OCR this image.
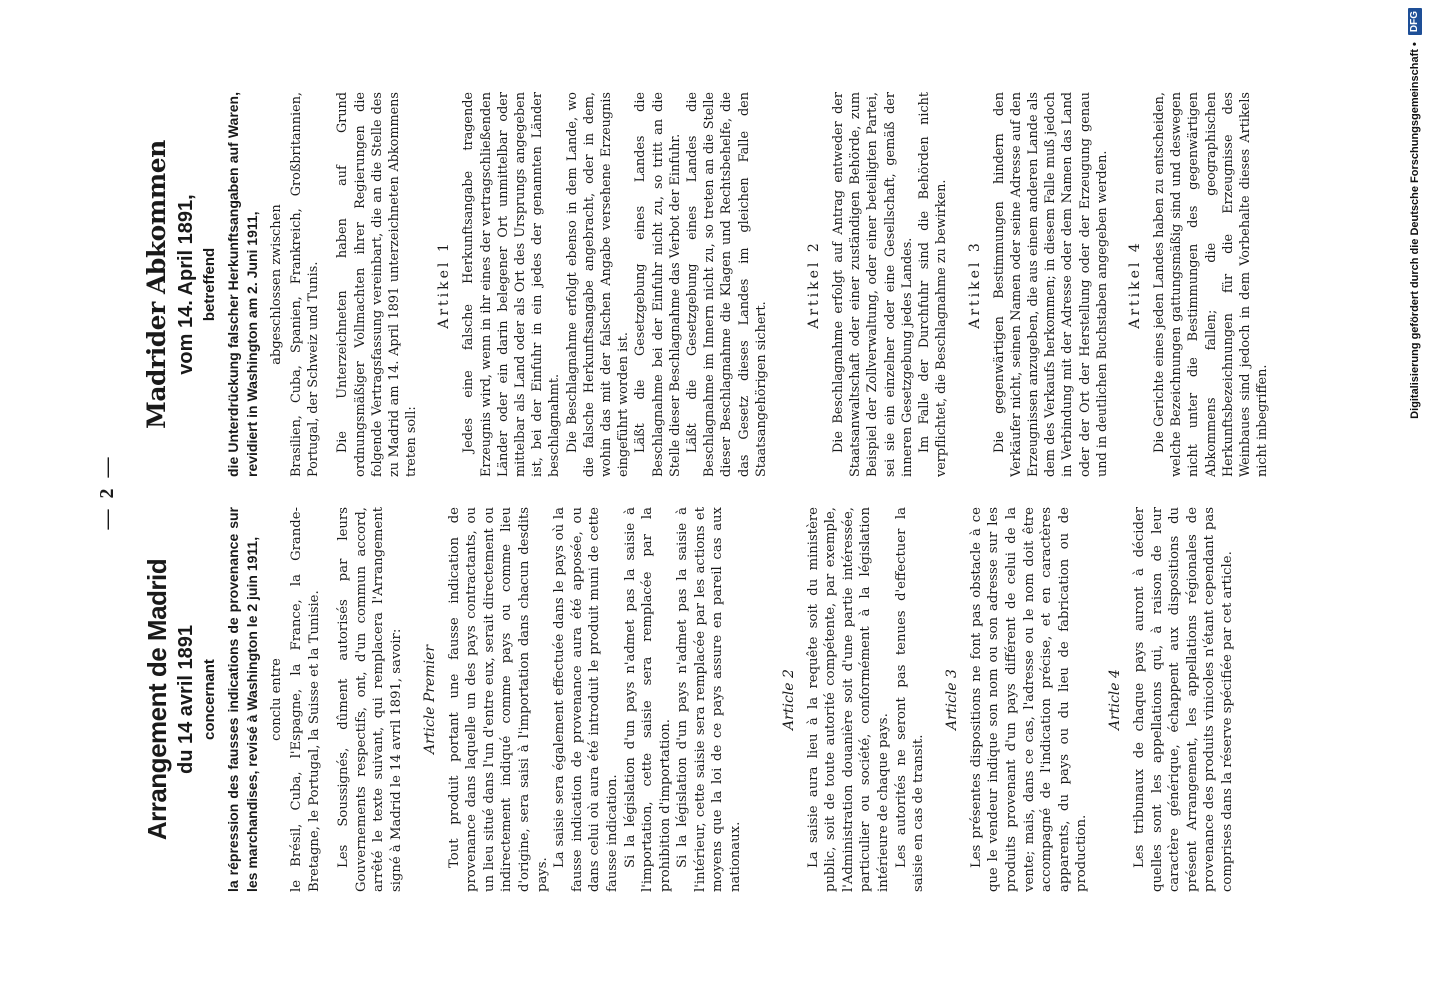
— 2 —
Arrangement de Madrid du 14 avril 1891 concernant la répression des fausses indications de provenance sur les marchandises, revisé à Washington le 2 juin 1911, conclu entre le Brésil, Cuba, l'Espagne, la France, la Grande-Bretagne, le Portugal, la Suisse et la Tunisie. Les Soussignés, dûment autorisés par leurs Gouvernements respectifs, ont, d'un commun accord, arrêté le texte suivant, qui remplacera l'Arrangement signé à Madrid le 14 avril 1891, savoir: Article Premier Tout produit portant une fausse indication de provenance dans laquelle un des pays contractants, ou un lieu situé dans l'un d'entre eux, serait directement ou indirectement indiqué comme pays ou comme lieu d'origine, sera saisi à l'importation dans chacun desdits pays.

La saisie sera également effectuée dans le pays où la fausse indication de provenance aura été apposée, ou dans celui où aura été introduit le produit muni de cette fausse indication. Si la législation d'un pays n'admet pas la saisie à l'importation, cette saisie sera remplacée par la prohibition d'importation. Si la législation d'un pays n'admet pas la saisie à l'intérieur, cette saisie sera remplacée par les actions et moyens que la loi de ce pays assure en pareil cas aux nationaux.

Article 2 La saisie aura lieu à la requête soit du ministère public, soit de toute autorité compétente, par exemple, l'Administration douanière soit d'une partie intéressée, particulier ou société, conformément à la législation intérieure de chaque pays. Les autorités ne seront pas tenues d'effectuer la saisie en cas de transit.

Article 3 Les présentes dispositions ne font pas obstacle à ce que le vendeur indique son nom ou son adresse sur les produits provenant d'un pays différent de celui de la vente; mais, dans ce cas, l'adresse ou le nom doit être accompagné de l'indication précise, et en caractères apparents, du pays ou du lieu de fabrication ou de production.

Article 4 Les tribunaux de chaque pays auront à décider quelles sont les appellations qui, à raison de leur caractère générique, échappent aux dispositions du présent Arrangement, les appellations régionales de provenance des produits vinicoles n'étant cependant pas comprises dans la réserve spécifiée par cet article.

Madrider Abkommen vom 14. April 1891, betreffend die Unterdrückung falscher Herkunftsangaben auf Waren, revidiert in Washington am 2. Juni 1911, abgeschlossen zwischen Brasilien, Cuba, Spanien, Frankreich, Großbritannien, Portugal, der Schweiz und Tunis. Die Unterzeichneten haben auf Grund ordnungsmäßiger Vollmachten ihrer Regierungen die folgende Vertragsfassung vereinbart, die an die Stelle des zu Madrid am 14. April 1891 unterzeichneten Abkommens treten soll:

Artikel 1 Jedes eine falsche Herkunftsangabe tragende Erzeugnis wird, wenn in ihr eines der vertragschließenden Länder oder ein darin belegener Ort unmittelbar oder mittelbar als Land oder als Ort des Ursprungs angegeben ist, bei der Einfuhr in ein jedes der genannten Länder beschlagnahmt. Die Beschlagnahme erfolgt ebenso in dem Lande, wo die falsche Herkunftsangabe angebracht, oder in dem, wohin das mit der falschen Angabe versehene Erzeugnis eingeführt worden ist. Läßt die Gesetzgebung eines Landes die Beschlagnahme bei der Einfuhr nicht zu, so tritt an die Stelle dieser Beschlagnahme das Verbot der Einfuhr. Läßt die Gesetzgebung eines Landes die Beschlagnahme im Innern nicht zu, so treten an die Stelle dieser Beschlagnahme die Klagen und Rechtsbehelfe, die das Gesetz dieses Landes im gleichen Falle den Staatsangehörigen sichert.

Artikel 2 Die Beschlagnahme erfolgt auf Antrag entweder der Staatsanwaltschaft oder einer zuständigen Behörde, zum Beispiel der Zollverwaltung, oder einer beteiligten Partei, sei sie ein einzelner oder eine Gesellschaft, gemäß der inneren Gesetzgebung jedes Landes. Im Falle der Durchfuhr sind die Behörden nicht verpflichtet, die Beschlagnahme zu bewirken. Artikel 3 Die gegenwärtigen Bestimmungen hindern den Verkäufer nicht, seinen Namen oder seine Adresse auf den Erzeugnissen anzugeben, die aus einem anderen Lande als dem des Verkaufs herkommen; in diesem Falle muß jedoch in Verbindung mit der Adresse oder dem Namen das Land oder der Ort der Herstellung oder der Erzeugung genau und in deutlichen Buchstaben angegeben werden. Artikel 4 Die Gerichte eines jeden Landes haben zu entscheiden, welche Bezeichnungen gattungsmäßig sind und deswegen nicht unter die Bestimmungen des gegenwärtigen Abkommens fallen; die geographischen Herkunftsbezeichnungen für die Erzeugnisse des Weinbaues sind jedoch in dem Vorbehalte dieses Artikels nicht inbegriffen.

Digitalisierung gefördert durch die Deutsche Forschungsgemeinschaft • DFG
